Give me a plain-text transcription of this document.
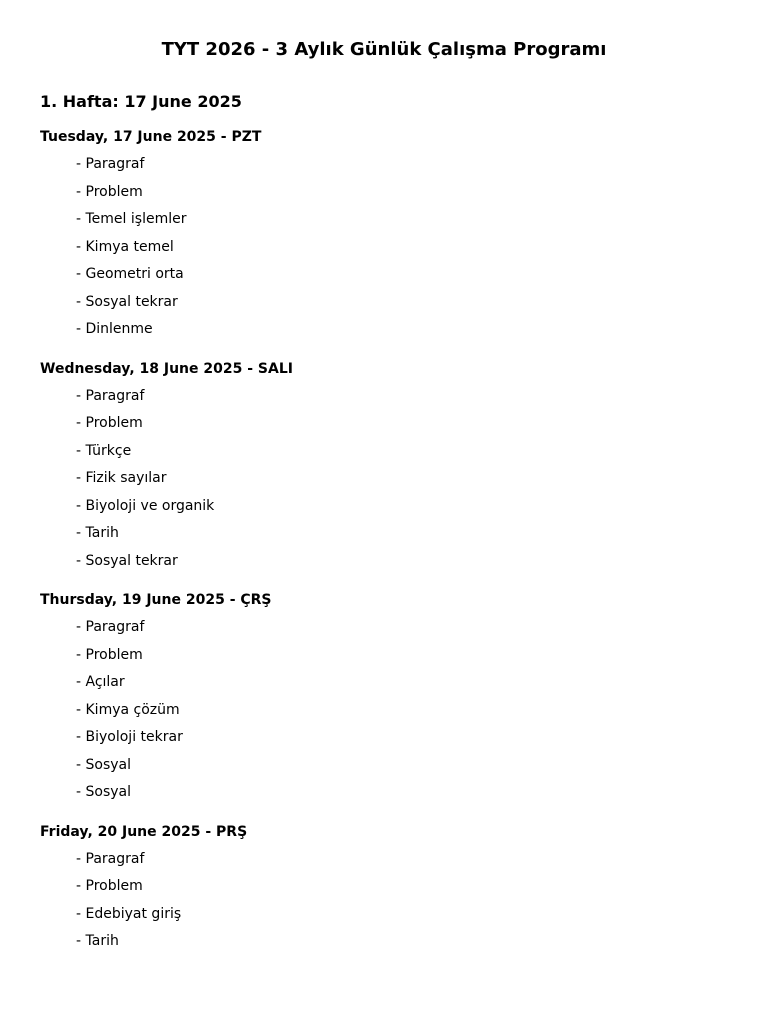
TYT 2026 - 3 Aylık Günlük Çalışma Programı
1. Hafta: 17 June 2025
Tuesday, 17 June 2025 - PZT
- Paragraf
- Problem
- Temel işlemler
- Kimya temel
- Geometri orta
- Sosyal tekrar
- Dinlenme
Wednesday, 18 June 2025 - SALI
- Paragraf
- Problem
- Türkçe
- Fizik sayılar
- Biyoloji ve organik
- Tarih
- Sosyal tekrar
Thursday, 19 June 2025 - ÇRŞ
- Paragraf
- Problem
- Açılar
- Kimya çözüm
- Biyoloji tekrar
- Sosyal
- Sosyal
Friday, 20 June 2025 - PRŞ
- Paragraf
- Problem
- Edebiyat giriş
- Tarih
